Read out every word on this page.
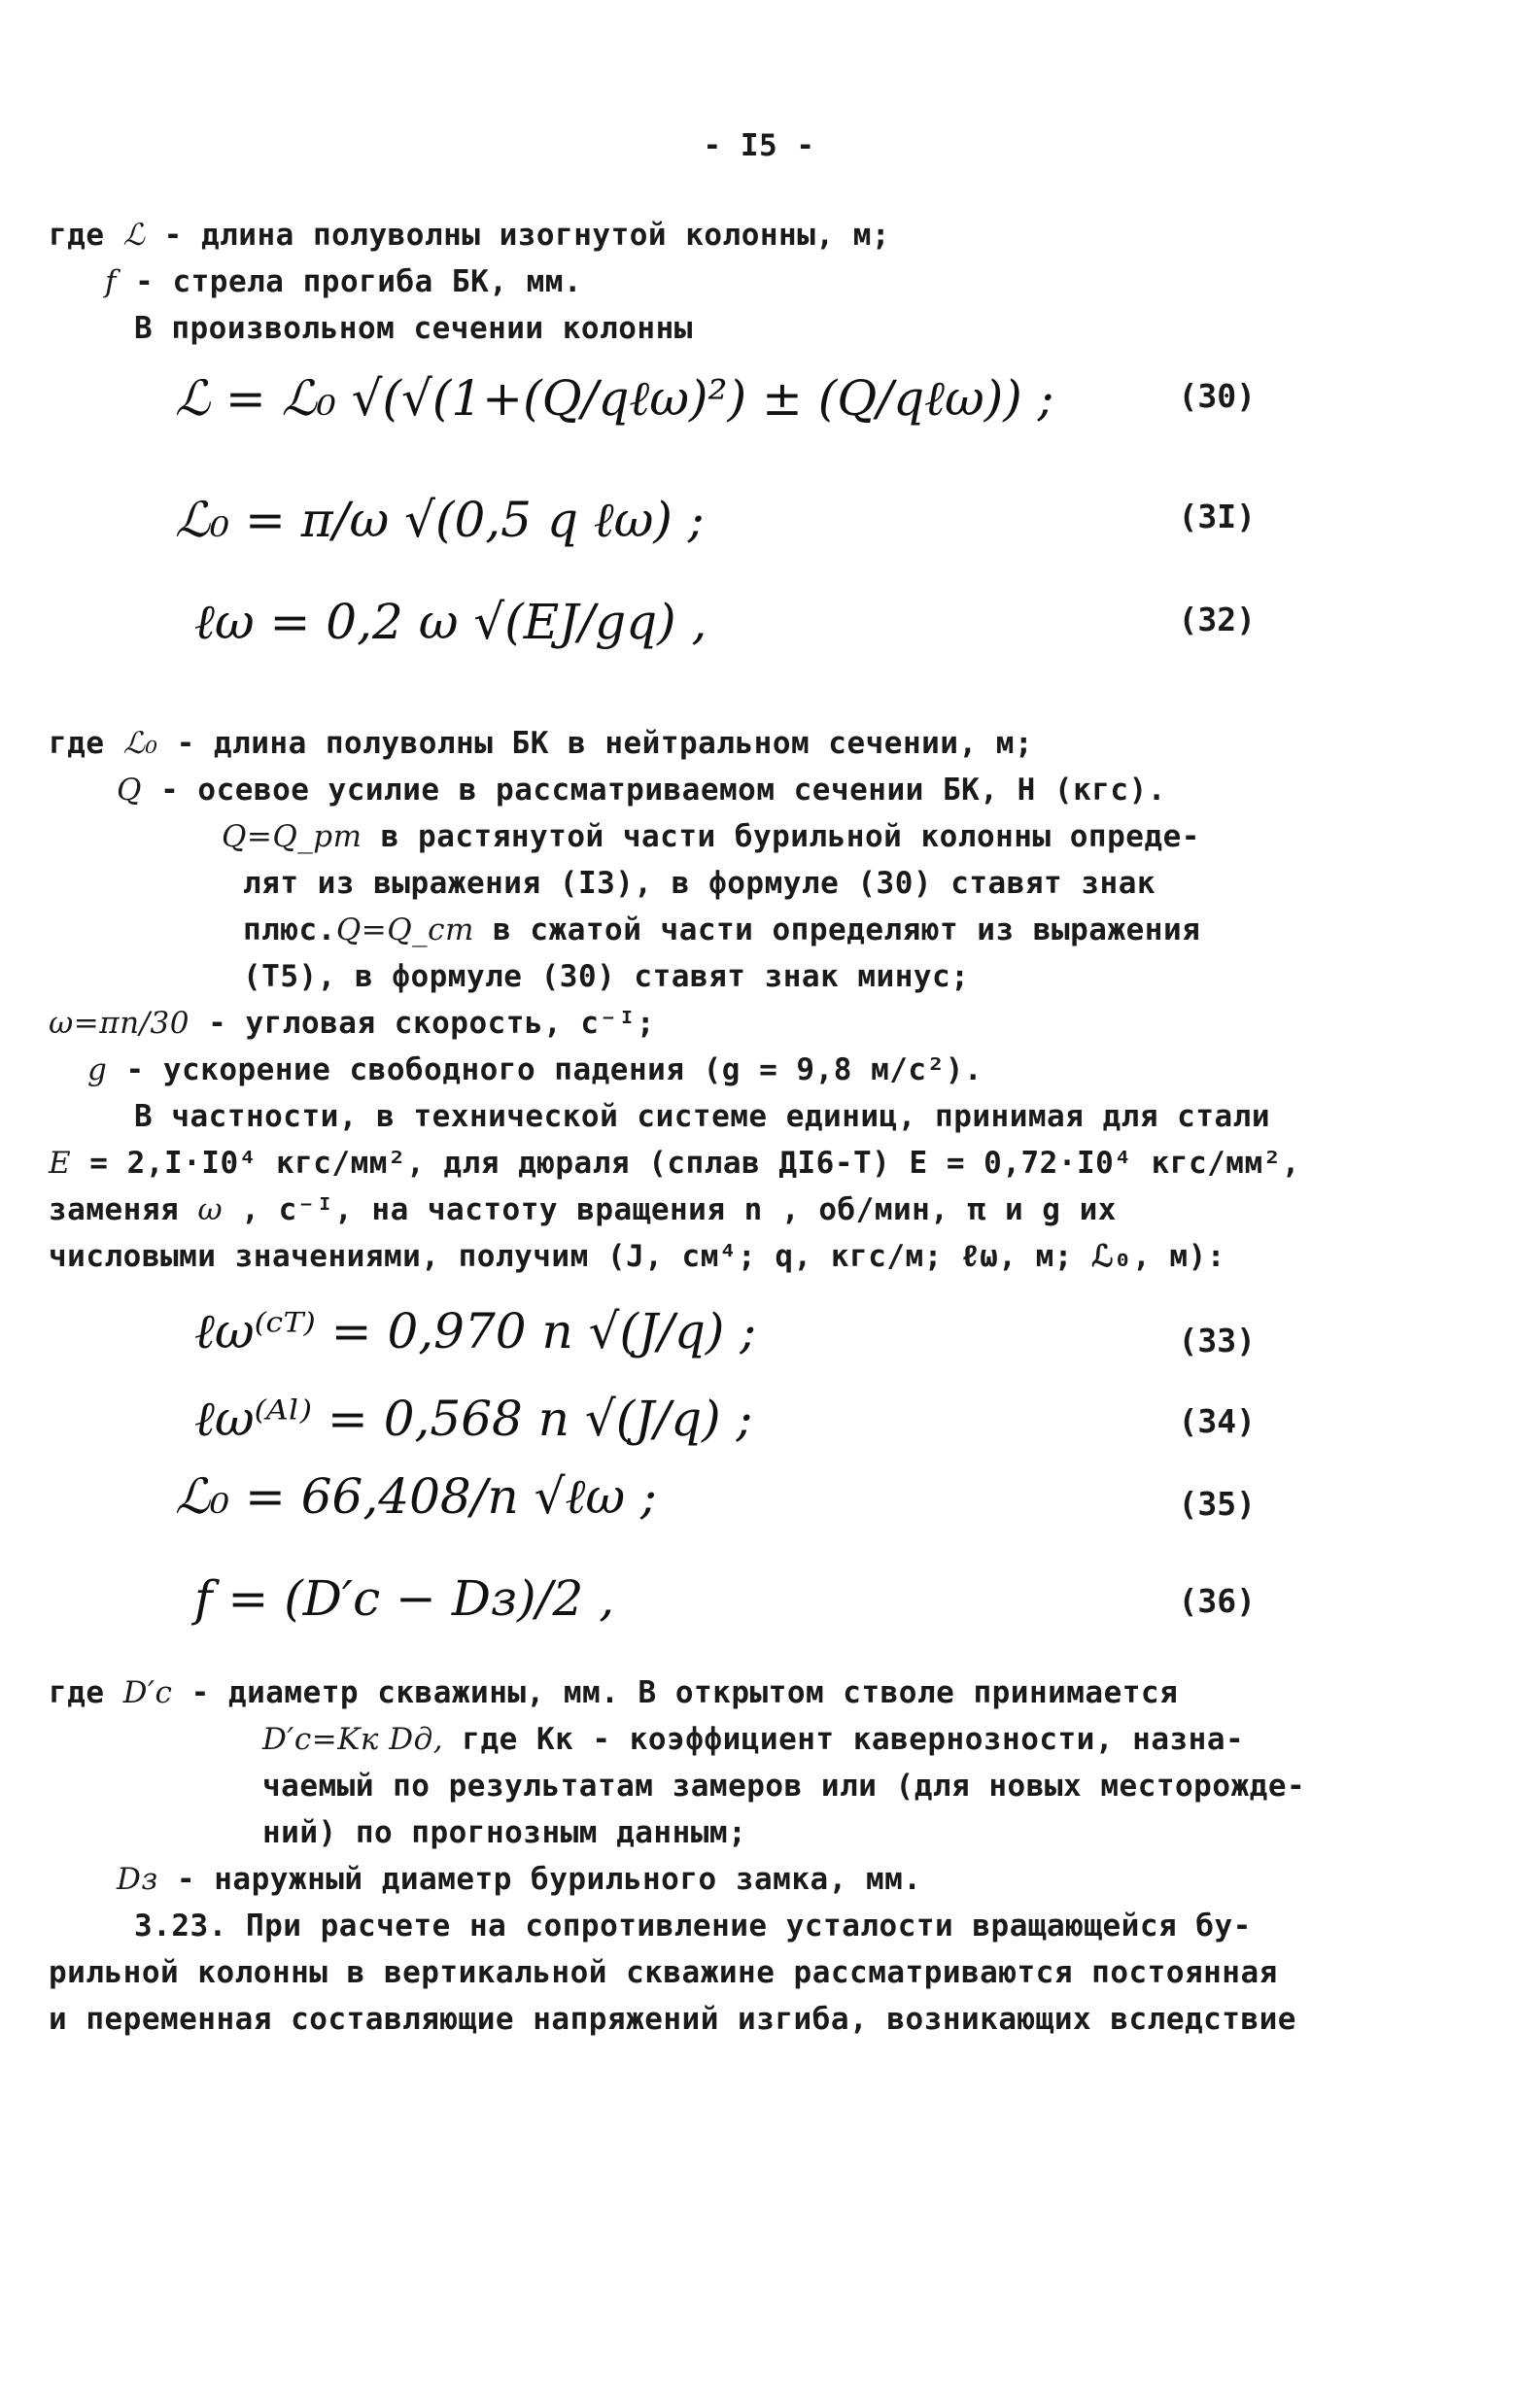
- I5 -
где ℒ - длина полуволны изогнутой колонны, м;
f - стрела прогиба БК, мм.
В произвольном сечении колонны
ℒ = ℒ₀ √(√(1+(Q/qℓω)²) ± (Q/qℓω)) ;	(30)
ℒ₀ = π/ω √(0,5 q ℓω) ;	(3I)
ℓω = 0,2 ω √(EJ/gq) ,	(32)
где ℒ₀ - длина полуволны БК в нейтральном сечении, м;
Q - осевое усилие в рассматриваемом сечении БК, Н (кгс).
Q=Q_pm в растянутой части бурильной колонны опреде-
лят из выражения (I3), в формуле (30) ставят знак
плюс.Q=Q_cm в сжатой части определяют из выражения
(Т5), в формуле (30) ставят знак минус;
ω=πn/30 - угловая скорость, с⁻ᴵ;
g - ускорение свободного падения (g = 9,8 м/с²).
В частности, в технической системе единиц, принимая для стали
E = 2,I·I0⁴ кгс/мм², для дюраля (сплав ДI6-Т) E = 0,72·I0⁴ кгс/мм²,
заменяя ω , с⁻ᴵ, на частоту вращения n , об/мин, π и g их
числовыми значениями, получим (J, см⁴; q, кгс/м; ℓω, м; ℒ₀, м):
ℓω⁽ᶜᵀ⁾ = 0,970 n √(J/q) ;	(33)
ℓω⁽ᴬˡ⁾ = 0,568 n √(J/q) ;	(34)
ℒ₀ = 66,408/n √ℓω ;	(35)
f = (D′c − Dз)/2 ,	(36)
где D′c - диаметр скважины, мм. В открытом стволе принимается
D′c=Kк Dд, где Kк - коэффициент кавернозности, назна-
чаемый по результатам замеров или (для новых месторожде-
ний) по прогнозным данным;
Dз - наружный диаметр бурильного замка, мм.
3.23. При расчете на сопротивление усталости вращающейся бу-
рильной колонны в вертикальной скважине рассматриваются постоянная
и переменная составляющие напряжений изгиба, возникающих вследствие
